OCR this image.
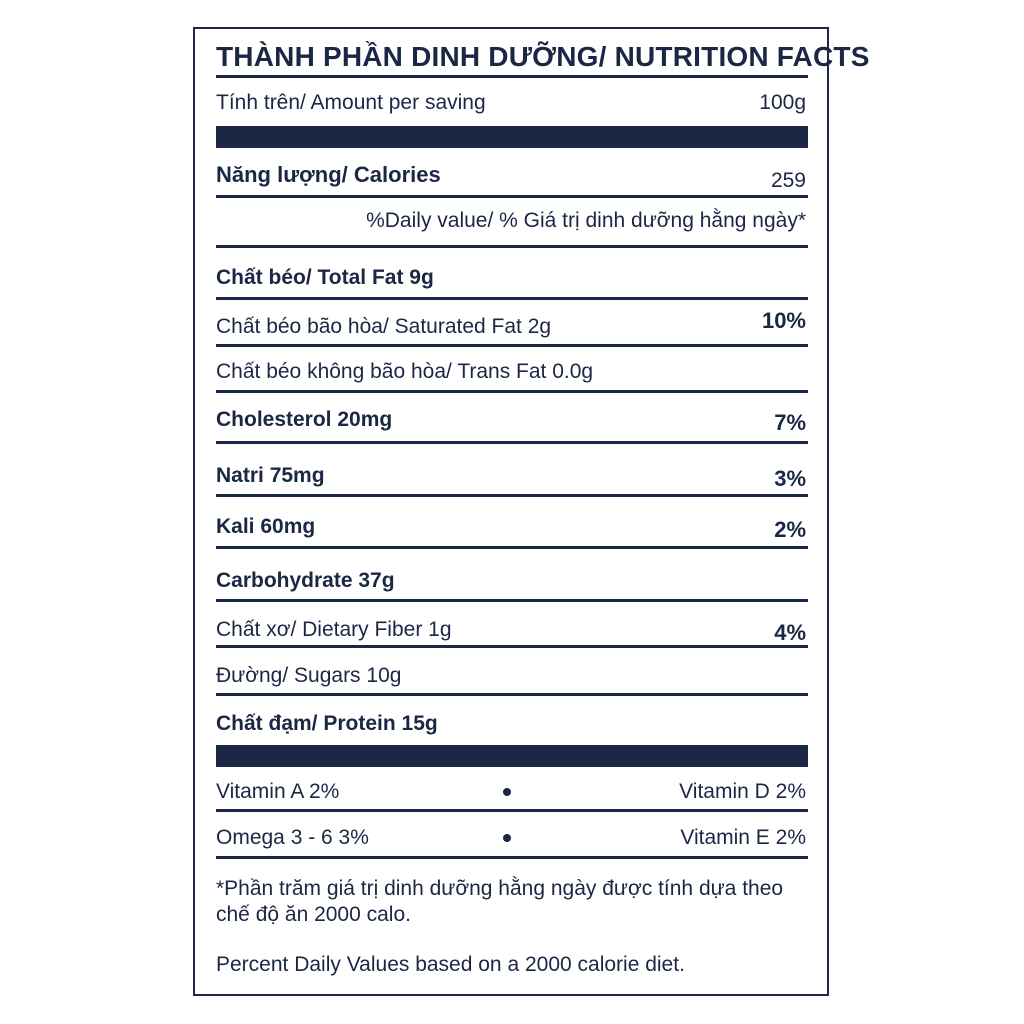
THÀNH PHẦN DINH DƯỠNG/ NUTRITION FACTS
Tính trên/ Amount per saving	100g
Năng lượng/ Calories	259
%Daily value/ % Giá trị dinh dưỡng hằng ngày*
Chất béo/ Total Fat 9g
Chất béo bão hòa/ Saturated Fat 2g	10%
Chất béo không bão hòa/ Trans Fat 0.0g
Cholesterol 20mg	7%
Natri 75mg	3%
Kali 60mg	2%
Carbohydrate 37g
Chất xơ/ Dietary Fiber 1g	4%
Đường/ Sugars 10g
Chất đạm/ Protein 15g
Vitamin A 2%	Vitamin D 2%
Omega 3 - 6 3%	Vitamin E 2%
*Phần trăm giá trị dinh dưỡng hằng ngày được tính dựa theo chế độ ăn 2000 calo.
Percent Daily Values based on a 2000 calorie diet.
